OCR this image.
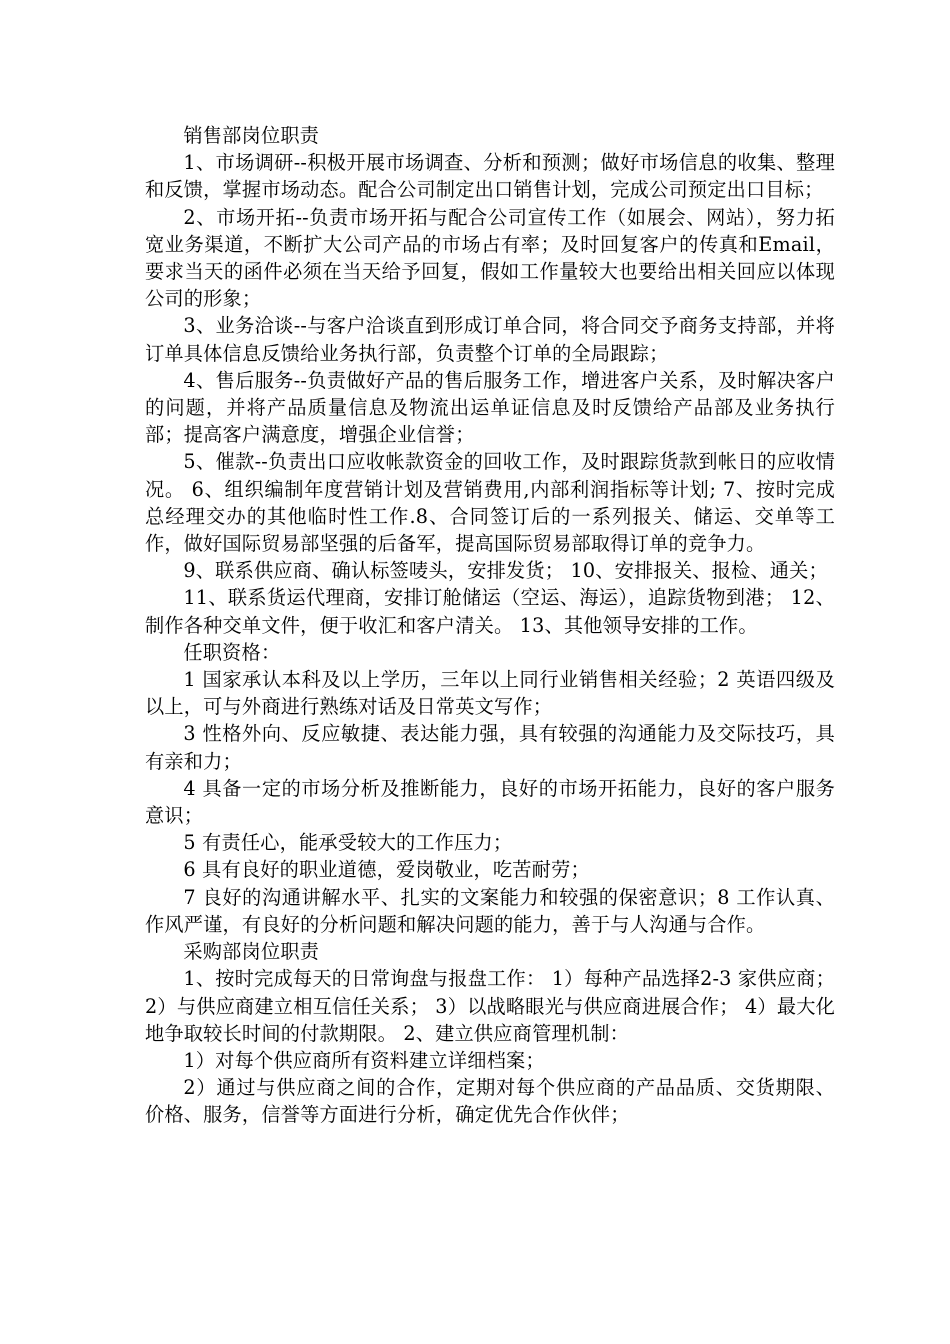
销售部岗位职责

1、市场调研--积极开展市场调查、分析和预测；做好市场信息的收集、整理和反馈，掌握市场动态。配合公司制定出口销售计划，完成公司预定出口目标；

2、市场开拓--负责市场开拓与配合公司宣传工作（如展会、网站），努力拓宽业务渠道，不断扩大公司产品的市场占有率；及时回复客户的传真和Email，要求当天的函件必须在当天给予回复，假如工作量较大也要给出相关回应以体现公司的形象；

3、业务洽谈--与客户洽谈直到形成订单合同，将合同交予商务支持部，并将订单具体信息反馈给业务执行部，负责整个订单的全局跟踪；

4、售后服务--负责做好产品的售后服务工作，增进客户关系，及时解决客户的问题，并将产品质量信息及物流出运单证信息及时反馈给产品部及业务执行部；提高客户满意度，增强企业信誉；

5、催款--负责出口应收帐款资金的回收工作，及时跟踪货款到帐日的应收情况。 6、组织编制年度营销计划及营销费用,内部利润指标等计划; 7、按时完成总经理交办的其他临时性工作.8、合同签订后的一系列报关、储运、交单等工作，做好国际贸易部坚强的后备军，提高国际贸易部取得订单的竞争力。

9、联系供应商、确认标签唛头，安排发货； 10、安排报关、报检、通关；

11、联系货运代理商，安排订舱储运（空运、海运），追踪货物到港； 12、制作各种交单文件，便于收汇和客户清关。 13、其他领导安排的工作。

任职资格：

1 国家承认本科及以上学历，三年以上同行业销售相关经验；2 英语四级及以上，可与外商进行熟练对话及日常英文写作；

3 性格外向、反应敏捷、表达能力强，具有较强的沟通能力及交际技巧，具有亲和力；

4 具备一定的市场分析及推断能力，良好的市场开拓能力，良好的客户服务意识；

5 有责任心，能承受较大的工作压力；

6 具有良好的职业道德，爱岗敬业，吃苦耐劳；

7 良好的沟通讲解水平、扎实的文案能力和较强的保密意识；8 工作认真、作风严谨，有良好的分析问题和解决问题的能力，善于与人沟通与合作。

采购部岗位职责

1、按时完成每天的日常询盘与报盘工作： 1）每种产品选择2-3 家供应商； 2）与供应商建立相互信任关系； 3）以战略眼光与供应商进展合作； 4）最大化地争取较长时间的付款期限。 2、建立供应商管理机制：

1）对每个供应商所有资料建立详细档案；

2）通过与供应商之间的合作，定期对每个供应商的产品品质、交货期限、价格、服务，信誉等方面进行分析，确定优先合作伙伴；
